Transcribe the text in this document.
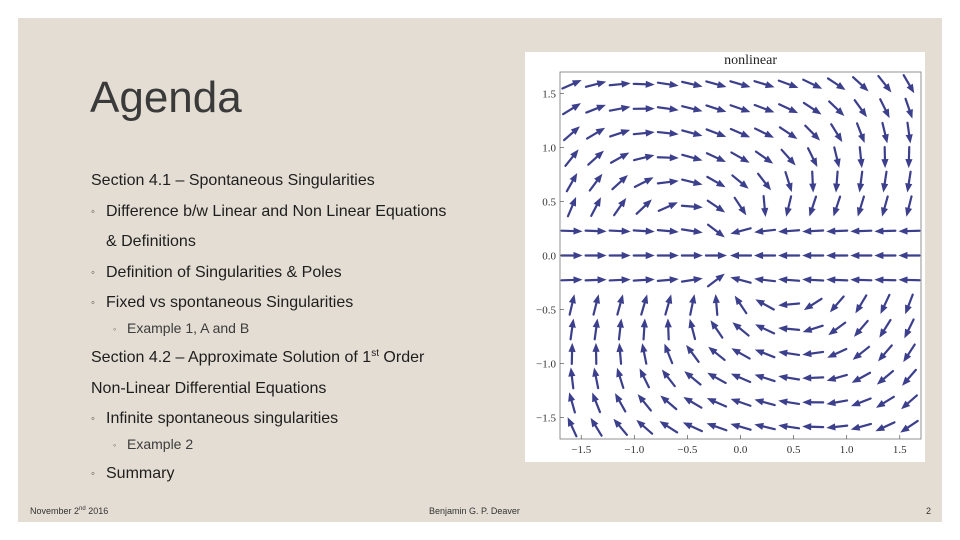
Agenda
Section 4.1 – Spontaneous Singularities
◦ Difference b/w Linear and Non Linear Equations
& Definitions
◦ Definition of Singularities & Poles
◦ Fixed vs spontaneous Singularities
◦ Example 1, A and B
Section 4.2 – Approximate Solution of 1st Order
Non-Linear Differential Equations
◦ Infinite spontaneous singularities
◦ Example 2
◦ Summary
November 2nd 2016	Benjamin G. P. Deaver	2
−1.5	−1.0	−0.5	0.0	0.5	1.0	1.5
1.5
1.0
0.5
0.0
−0.5
−1.0
−1.5
nonlinear
